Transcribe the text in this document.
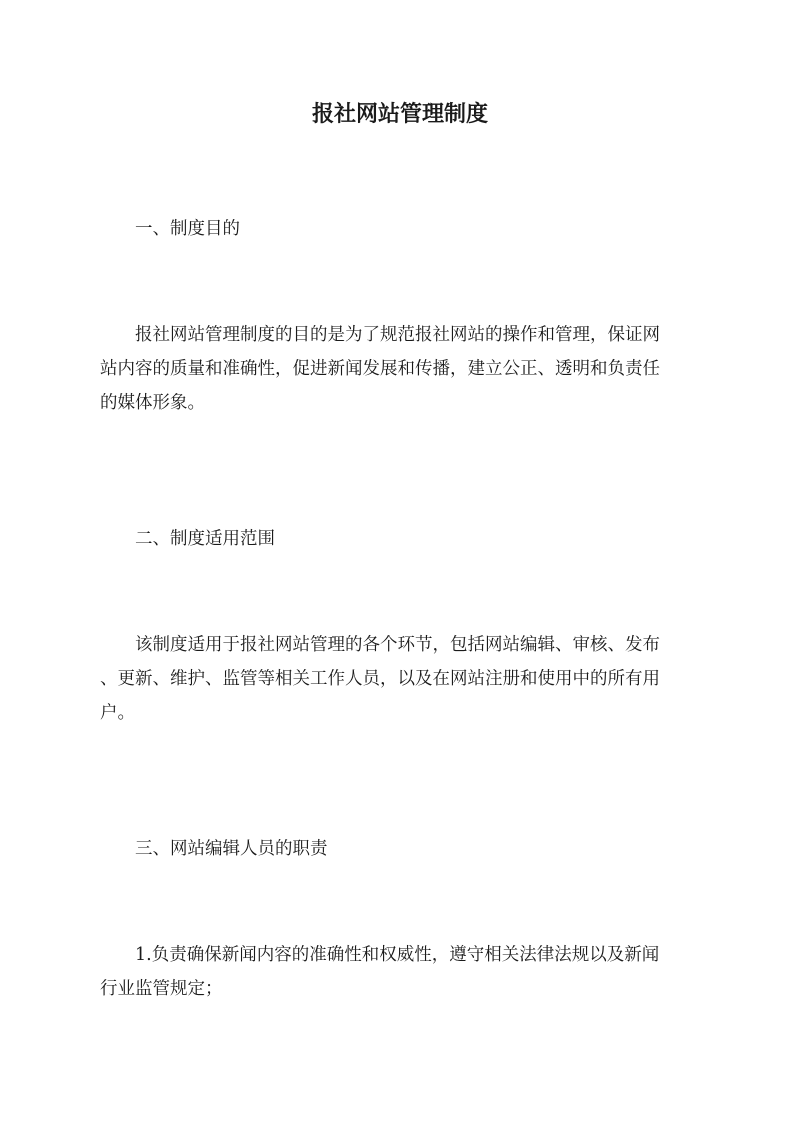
报社网站管理制度
一、制度目的
报社网站管理制度的目的是为了规范报社网站的操作和管理，保证网
站内容的质量和准确性，促进新闻发展和传播，建立公正、透明和负责任
的媒体形象。
二、制度适用范围
该制度适用于报社网站管理的各个环节，包括网站编辑、审核、发布
、更新、维护、监管等相关工作人员，以及在网站注册和使用中的所有用
户。
三、网站编辑人员的职责
1.负责确保新闻内容的准确性和权威性，遵守相关法律法规以及新闻
行业监管规定；
